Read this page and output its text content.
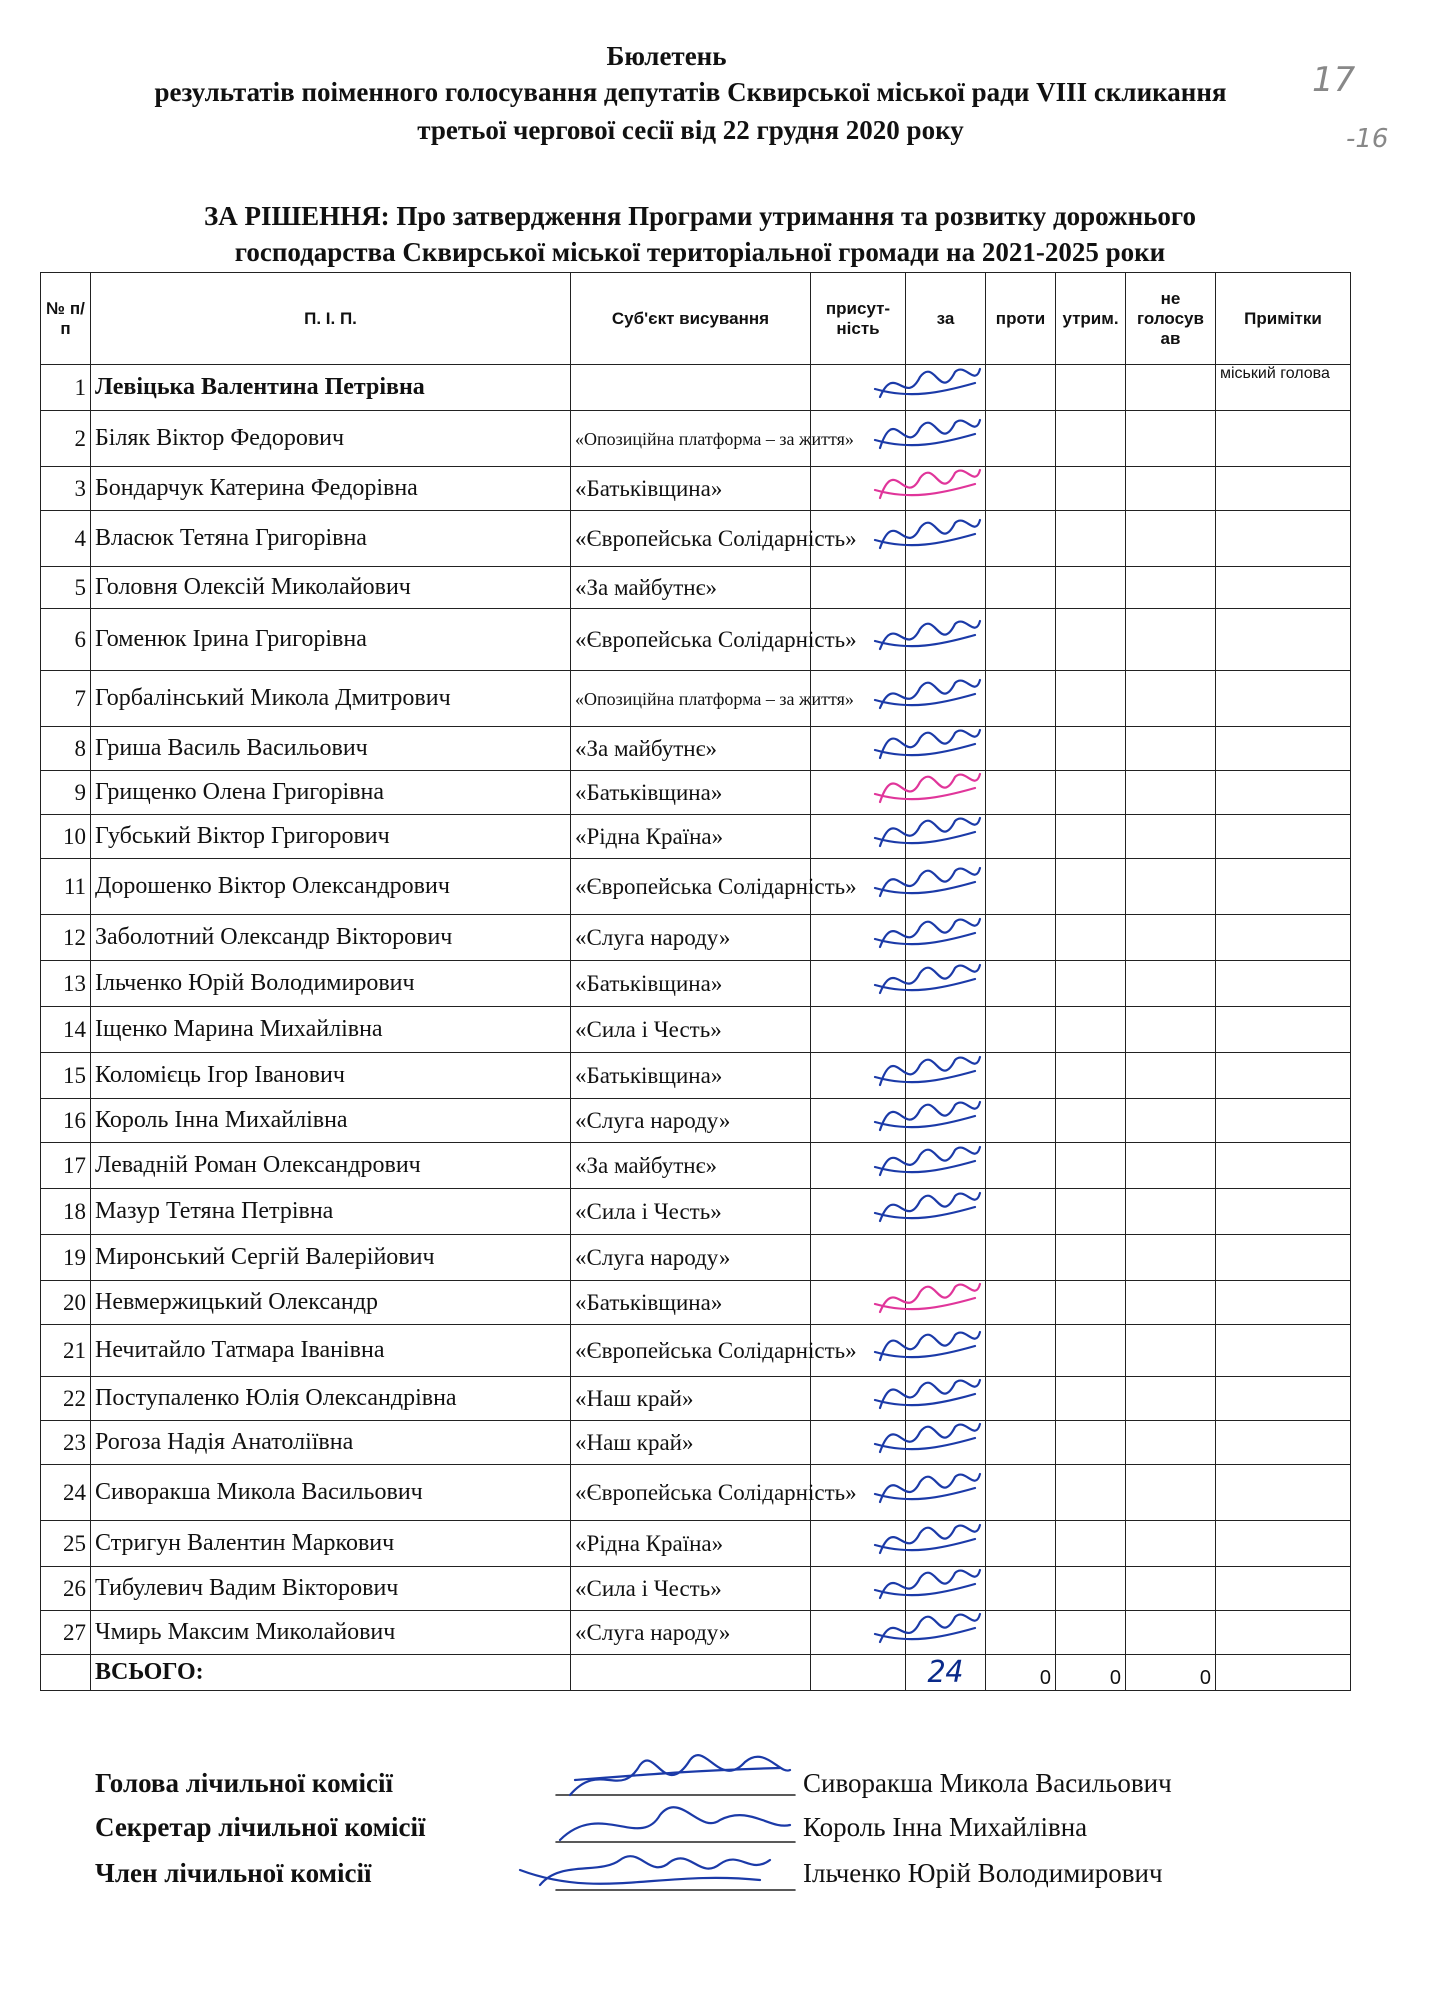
Бюлетень
результатів поіменного голосування депутатів Сквирської міської ради VIII скликання
третьої чергової сесії від 22 грудня 2020 року
ЗА РІШЕННЯ: Про затвердження Програми утримання та розвитку дорожнього
господарства Сквирської міської територіальної громади на 2021-2025 роки
17
-16
№ п/п	П. І. П.	Суб'єкт висування	присут-ність	за	проти	утрим.	не голосув ав	Примітки
1	Левіцька Валентина Петрівна							міський голова
2	Біляк Віктор Федорович	«Опозиційна платформа – за життя»						
3	Бондарчук Катерина Федорівна	«Батьківщина»						
4	Власюк Тетяна Григорівна	«Європейська Солідарність»						
5	Головня Олексій Миколайович	«За майбутнє»						
6	Гоменюк Ірина Григорівна	«Європейська Солідарність»						
7	Горбалінський Микола Дмитрович	«Опозиційна платформа – за життя»						
8	Гриша Василь Васильович	«За майбутнє»						
9	Грищенко Олена Григорівна	«Батьківщина»						
10	Губський Віктор Григорович	«Рідна Країна»						
11	Дорошенко Віктор Олександрович	«Європейська Солідарність»						
12	Заболотний Олександр Вікторович	«Слуга народу»						
13	Ільченко Юрій Володимирович	«Батьківщина»						
14	Іщенко Марина Михайлівна	«Сила і Честь»						
15	Коломієць Ігор Іванович	«Батьківщина»						
16	Король Інна Михайлівна	«Слуга народу»						
17	Левадній Роман Олександрович	«За майбутнє»						
18	Мазур Тетяна Петрівна	«Сила і Честь»						
19	Миронський Сергій Валерійович	«Слуга народу»						
20	Невмержицький Олександр	«Батьківщина»						
21	Нечитайло Татмара Іванівна	«Європейська Солідарність»						
22	Поступаленко Юлія Олександрівна	«Наш край»						
23	Рогоза Надія Анатоліївна	«Наш край»						
24	Сиворакша Микола Васильович	«Європейська Солідарність»						
25	Стригун Валентин Маркович	«Рідна Країна»						
26	Тибулевич Вадим Вікторович	«Сила і Честь»						
27	Чмирь Максим Миколайович	«Слуга народу»						
	ВСЬОГО:			24	0	0	0	
Голова лічильної комісії	Сиворакша Микола Васильович
Секретар лічильної комісії	Король Інна Михайлівна
Член лічильної комісії	Ільченко Юрій Володимирович
відсутній
відсутній
відсутній
